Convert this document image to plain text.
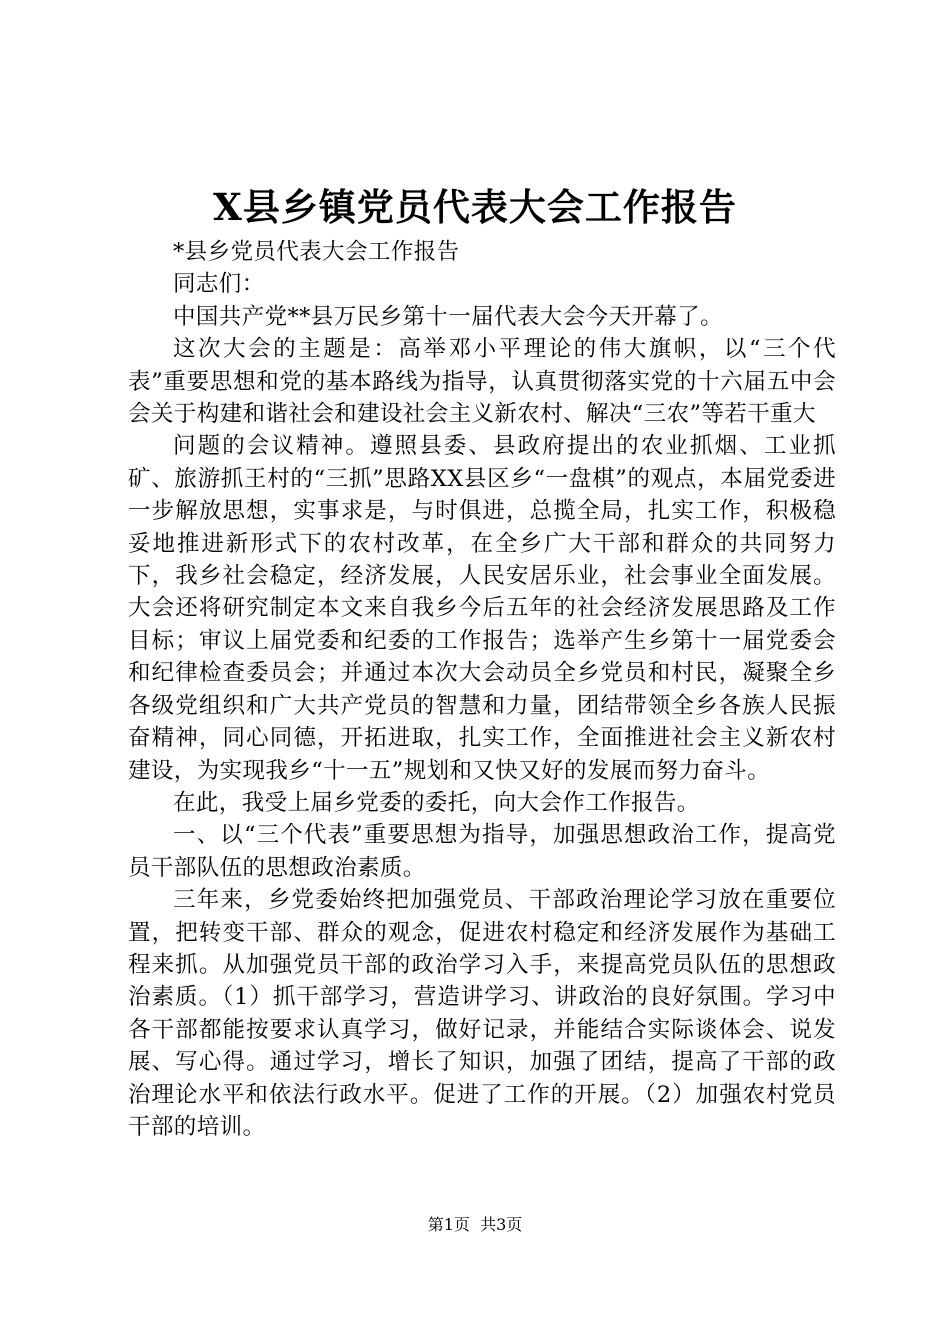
X县乡镇党员代表大会工作报告

*县乡党员代表大会工作报告

同志们：

中国共产党**县万民乡第十一届代表大会今天开幕了。

这次大会的主题是：高举邓小平理论的伟大旗帜，以“三个代表”重要思想和党的基本路线为指导，认真贯彻落实党的十六届五中会会关于构建和谐社会和建设社会主义新农村、解决“三农”等若干重大

问题的会议精神。遵照县委、县政府提出的农业抓烟、工业抓矿、旅游抓王村的“三抓”思路XX县区乡“一盘棋”的观点，本届党委进一步解放思想，实事求是，与时俱进，总揽全局，扎实工作，积极稳妥地推进新形式下的农村改革，在全乡广大干部和群众的共同努力下，我乡社会稳定，经济发展，人民安居乐业，社会事业全面发展。大会还将研究制定本文来自我乡今后五年的社会经济发展思路及工作目标；审议上届党委和纪委的工作报告；选举产生乡第十一届党委会和纪律检查委员会；并通过本次大会动员全乡党员和村民，凝聚全乡各级党组织和广大共产党员的智慧和力量，团结带领全乡各族人民振奋精神，同心同德，开拓进取，扎实工作，全面推进社会主义新农村建设，为实现我乡“十一五”规划和又快又好的发展而努力奋斗。

在此，我受上届乡党委的委托，向大会作工作报告。

一、以“三个代表”重要思想为指导，加强思想政治工作，提高党员干部队伍的思想政治素质。

三年来，乡党委始终把加强党员、干部政治理论学习放在重要位置，把转变干部、群众的观念，促进农村稳定和经济发展作为基础工程来抓。从加强党员干部的政治学习入手，来提高党员队伍的思想政治素质。（1）抓干部学习，营造讲学习、讲政治的良好氛围。学习中各干部都能按要求认真学习，做好记录，并能结合实际谈体会、说发展、写心得。通过学习，增长了知识，加强了团结，提高了干部的政治理论水平和依法行政水平。促进了工作的开展。（2）加强农村党员干部的培训。

第1页 共3页
